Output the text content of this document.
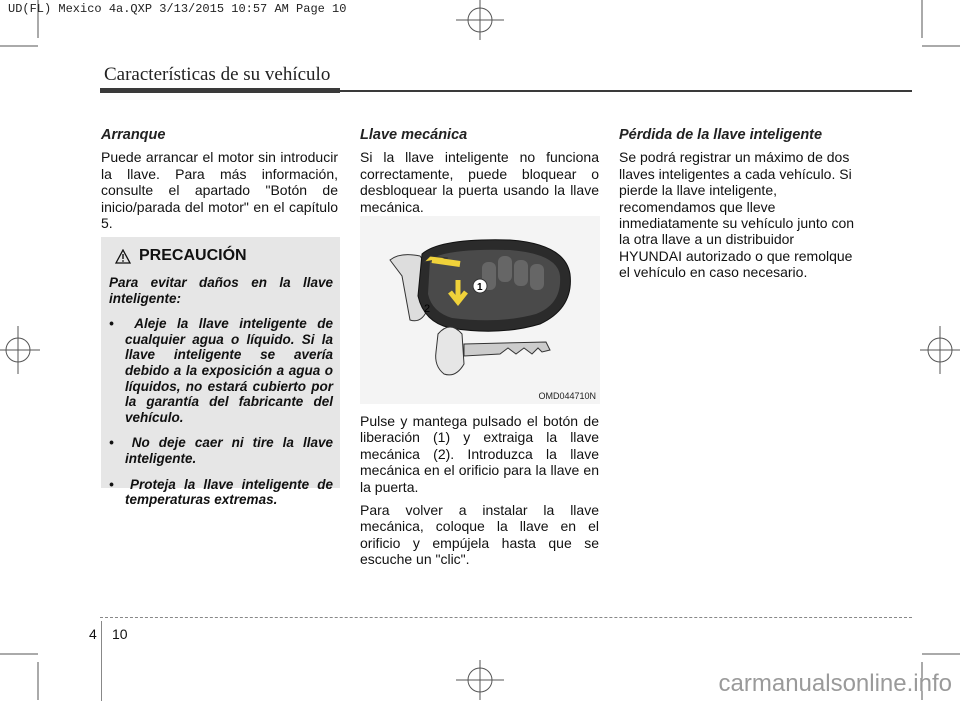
UD(FL) Mexico 4a.QXP 3/13/2015 10:57 AM Page 10
Características de su vehículo
Arranque

Puede arrancar el motor sin introducir la llave. Para más información, consulte el apartado "Botón de inicio/parada del motor" en el capítulo 5.

PRECAUCIÓN

Para evitar daños en la llave inteligente:

•  Aleje la llave inteligente de cualquier agua o líquido. Si la llave inteligente se avería debido a la exposición a agua o líquidos, no estará cubierto por la garantía del fabricante del vehículo.

•  No deje caer ni tire la llave inteligente.

•  Proteja la llave inteligente de temperaturas extremas.

Llave mecánica

Si la llave inteligente no funciona correctamente, puede bloquear o desbloquear la puerta usando la llave mecánica.

1
2
OMD044710N

Pulse y mantega pulsado el botón de liberación (1) y extraiga la llave mecánica (2). Introduzca la llave mecánica en el orificio para la llave en la puerta.

Para volver a instalar la llave mecánica, coloque la llave en el orificio y empújela hasta que se escuche un "clic".

Pérdida de la llave inteligente

Se podrá registrar un máximo de dos llaves inteligentes a cada vehículo. Si pierde la llave inteligente, recomendamos que lleve inmediatamente su vehículo junto con la otra llave a un distribuidor HYUNDAI autorizado o que remolque el vehículo en caso necesario.

4 10
carmanualsonline.info
